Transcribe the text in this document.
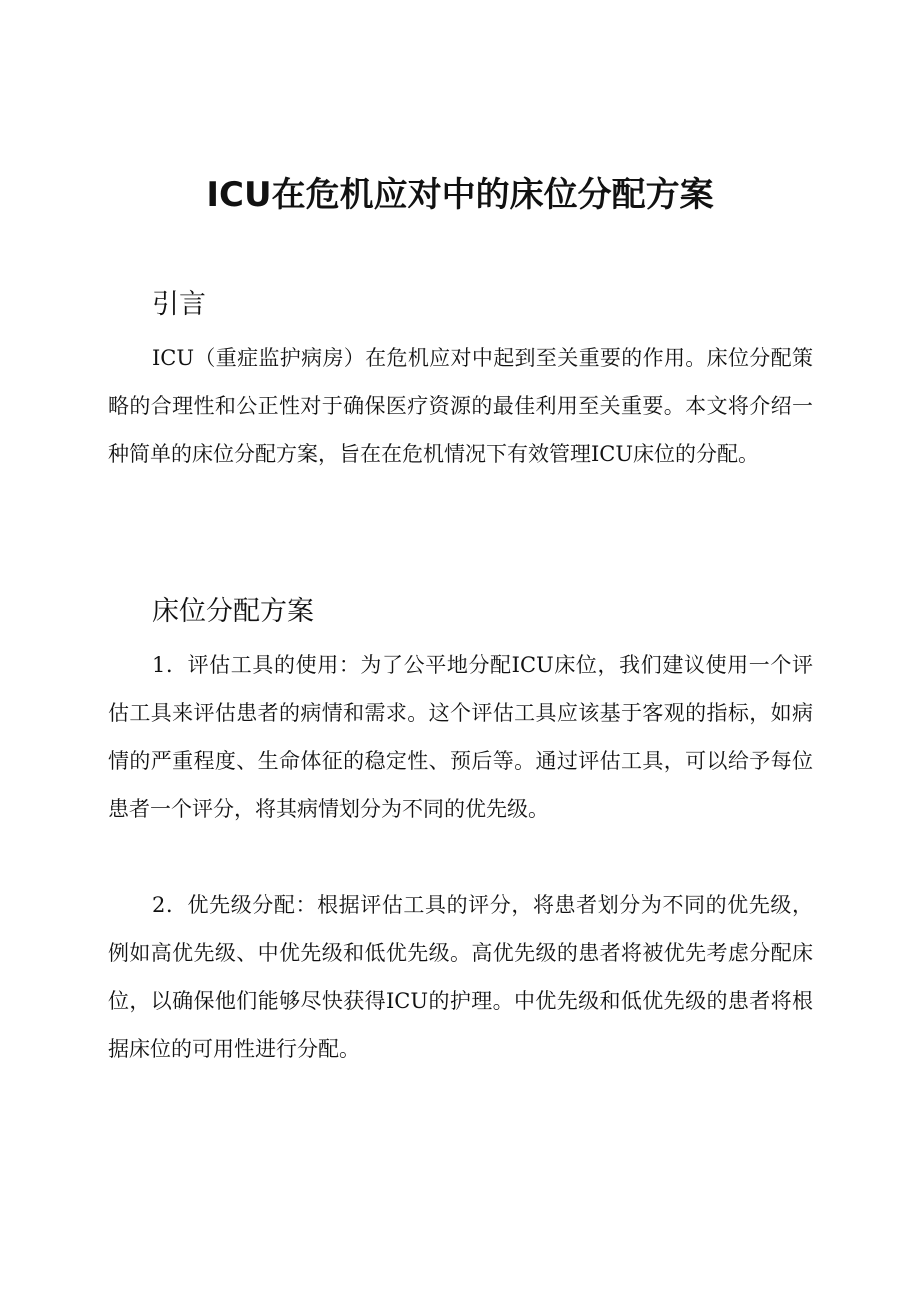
ICU在危机应对中的床位分配方案
引言

ICU（重症监护病房）在危机应对中起到至关重要的作用。床位分配策略的合理性和公正性对于确保医疗资源的最佳利用至关重要。本文将介绍一种简单的床位分配方案，旨在在危机情况下有效管理ICU床位的分配。

床位分配方案

1．评估工具的使用：为了公平地分配ICU床位，我们建议使用一个评估工具来评估患者的病情和需求。这个评估工具应该基于客观的指标，如病情的严重程度、生命体征的稳定性、预后等。通过评估工具，可以给予每位患者一个评分，将其病情划分为不同的优先级。

2．优先级分配：根据评估工具的评分，将患者划分为不同的优先级，例如高优先级、中优先级和低优先级。高优先级的患者将被优先考虑分配床位，以确保他们能够尽快获得ICU的护理。中优先级和低优先级的患者将根据床位的可用性进行分配。
